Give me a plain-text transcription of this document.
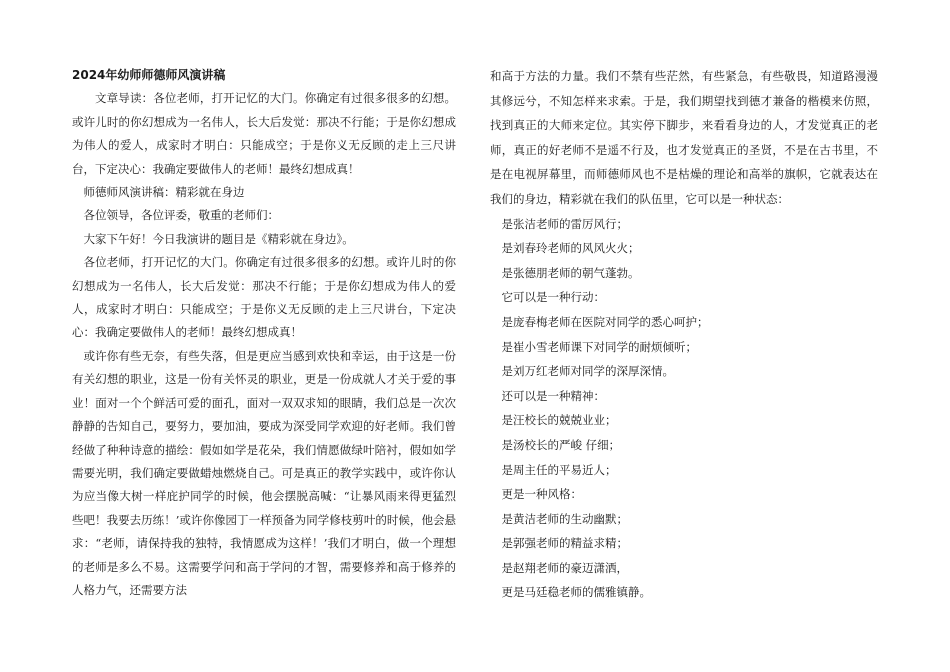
2024年幼师师德师风演讲稿

文章导读：各位老师，打开记忆的大门。你确定有过很多很多的幻想。或许儿时的你幻想成为一名伟人，长大后发觉：那决不行能；于是你幻想成为伟人的爱人，成家时才明白：只能成空；于是你义无反顾的走上三尺讲台，下定决心：我确定要做伟人的老师！最终幻想成真！

师德师风演讲稿：精彩就在身边

各位领导，各位评委，敬重的老师们：

大家下午好！今日我演讲的题目是《精彩就在身边》。

各位老师，打开记忆的大门。你确定有过很多很多的幻想。或许儿时的你幻想成为一名伟人，长大后发觉：那决不行能；于是你幻想成为伟人的爱人，成家时才明白：只能成空；于是你义无反顾的走上三尺讲台，下定决心：我确定要做伟人的老师！最终幻想成真！

或许你有些无奈，有些失落，但是更应当感到欢快和幸运，由于这是一份有关幻想的职业，这是一份有关怀灵的职业，更是一份成就人才关于爱的事业！面对一个个鲜活可爱的面孔，面对一双双求知的眼睛，我们总是一次次静静的告知自己，要努力，要加油，要成为深受同学欢迎的好老师。我们曾经做了种种诗意的描绘：假如如学是花朵，我们情愿做绿叶陪衬，假如如学需要光明，我们确定要做蜡烛燃烧自己。可是真正的教学实践中，或许你认为应当像大树一样庇护同学的时候，他会摆脱高喊：“让暴风雨来得更猛烈些吧！我要去历练！’或许你像园丁一样预备为同学修枝剪叶的时候，他会悬求：“老师，请保持我的独特，我情愿成为这样！’我们才明白，做一个理想的老师是多么不易。这需要学问和高于学问的才智，需要修养和高于修养的人格力气，还需要方法

和高于方法的力量。我们不禁有些茫然，有些紧急，有些敬畏，知道路漫漫其修远兮，不知怎样来求索。于是，我们期望找到德才兼备的楷模来仿照，找到真正的大师来定位。其实停下脚步，来看看身边的人，才发觉真正的老师，真正的好老师不是遥不行及，也才发觉真正的圣贤，不是在古书里，不是在电视屏幕里，而师德师风也不是枯燥的理论和高举的旗帜，它就表达在我们的身边，精彩就在我们的队伍里，它可以是一种状态：

是张洁老师的雷厉风行；

是刘春玲老师的风风火火；

是张德朋老师的朝气蓬勃。

它可以是一种行动：

是庞春梅老师在医院对同学的悉心呵护；

是崔小雪老师课下对同学的耐烦倾听；

是刘万红老师对同学的深厚深情。

还可以是一种精神：

是汪校长的兢兢业业；

是汤校长的严峻 仔细；

是周主任的平易近人；

更是一种风格：

是黄洁老师的生动幽默；

是郭强老师的精益求精；

是赵翔老师的豪迈潇洒，

更是马廷稳老师的儒雅镇静。
